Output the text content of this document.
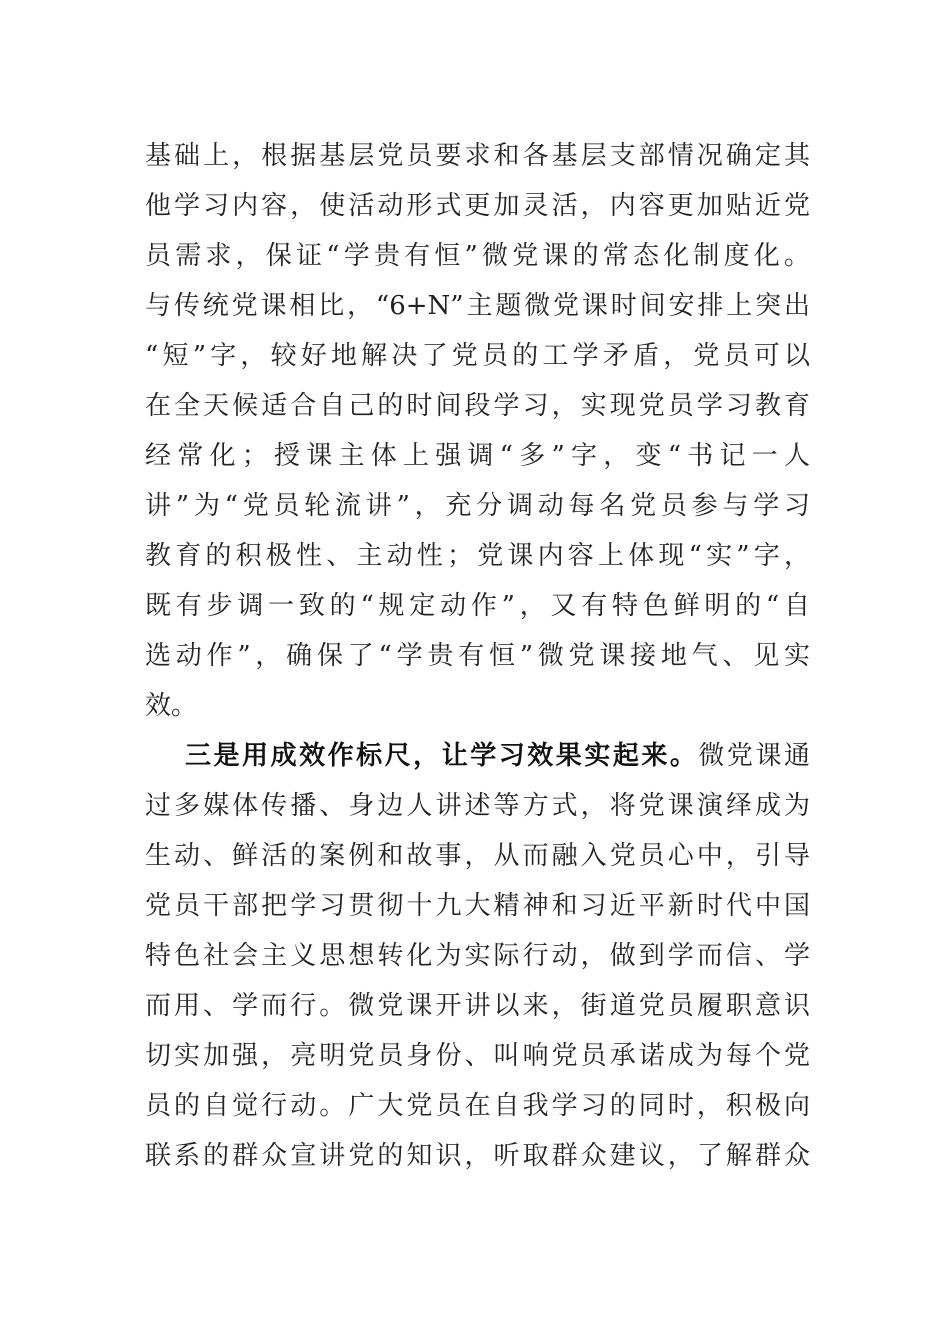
基础上，根据基层党员要求和各基层支部情况确定其
他学习内容，使活动形式更加灵活，内容更加贴近党
员需求，保证“学贵有恒”微党课的常态化制度化。
与传统党课相比，“6+N”主题微党课时间安排上突出
“短”字，较好地解决了党员的工学矛盾，党员可以
在全天候适合自己的时间段学习，实现党员学习教育
经常化；授课主体上强调“多”字，变“书记一人
讲”为“党员轮流讲”，充分调动每名党员参与学习
教育的积极性、主动性；党课内容上体现“实”字，
既有步调一致的“规定动作”，又有特色鲜明的“自
选动作”，确保了“学贵有恒”微党课接地气、见实
效。
三是用成效作标尺，让学习效果实起来。微党课通
过多媒体传播、身边人讲述等方式，将党课演绎成为
生动、鲜活的案例和故事，从而融入党员心中，引导
党员干部把学习贯彻十九大精神和习近平新时代中国
特色社会主义思想转化为实际行动，做到学而信、学
而用、学而行。微党课开讲以来，街道党员履职意识
切实加强，亮明党员身份、叫响党员承诺成为每个党
员的自觉行动。广大党员在自我学习的同时，积极向
联系的群众宣讲党的知识，听取群众建议，了解群众
